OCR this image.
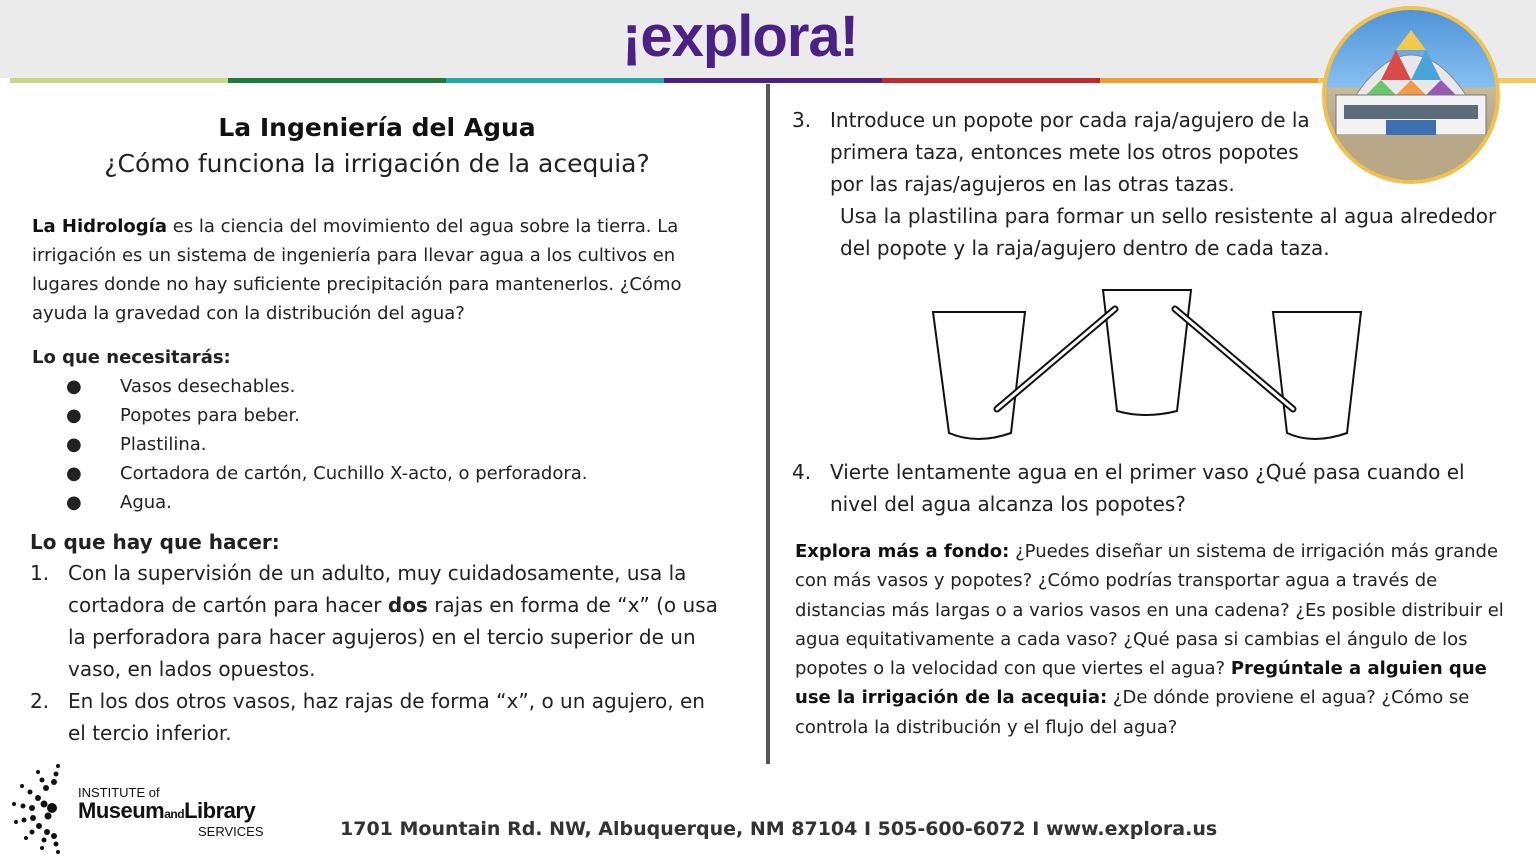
¡explora!
La Ingeniería del Agua
¿Cómo funciona la irrigación de la acequia?

La Hidrología es la ciencia del movimiento del agua sobre la tierra. La irrigación es un sistema de ingeniería para llevar agua a los cultivos en lugares donde no hay suficiente precipitación para mantenerlos. ¿Cómo ayuda la gravedad con la distribución del agua?

Lo que necesitarás:
● Vasos desechables.
● Popotes para beber.
● Plastilina.
● Cortadora de cartón, Cuchillo X-acto, o perforadora.
● Agua.
Lo que hay que hacer:
1. Con la supervisión de un adulto, muy cuidadosamente, usa la cortadora de cartón para hacer dos rajas en forma de “x” (o usa la perforadora para hacer agujeros) en el tercio superior de un vaso, en lados opuestos.
2. En los dos otros vasos, haz rajas de forma “x”, o un agujero, en el tercio inferior.
3. Introduce un popote por cada raja/agujero de la primera taza, entonces mete los otros popotes por las rajas/agujeros en las otras tazas.

Usa la plastilina para formar un sello resistente al agua alrededor del popote y la raja/agujero dentro de cada taza.

4. Vierte lentamente agua en el primer vaso ¿Qué pasa cuando el nivel del agua alcanza los popotes?

Explora más a fondo: ¿Puedes diseñar un sistema de irrigación más grande con más vasos y popotes? ¿Cómo podrías transportar agua a través de distancias más largas o a varios vasos en una cadena? ¿Es posible distribuir el agua equitativamente a cada vaso? ¿Qué pasa si cambias el ángulo de los popotes o la velocidad con que viertes el agua? Pregúntale a alguien que use la irrigación de la acequia: ¿De dónde proviene el agua? ¿Cómo se controla la distribución y el flujo del agua?

INSTITUTE of
MuseumandLibrary
SERVICES	1701 Mountain Rd. NW, Albuquerque, NM 87104 I 505-600-6072 I www.explora.us
